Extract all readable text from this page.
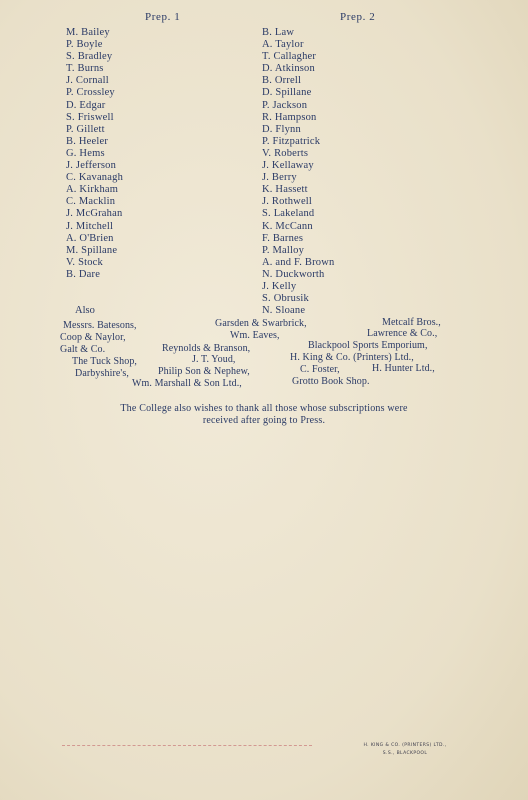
Prep. 1	Prep. 2
M. Bailey
P. Boyle
S. Bradley
T. Burns
J. Cornall
P. Crossley
D. Edgar
S. Friswell
P. Gillett
B. Heeler
G. Hems
J. Jefferson
C. Kavanagh
A. Kirkham
C. Macklin
J. McGrahan
J. Mitchell
A. O'Brien
M. Spillane
V. Stock
B. Dare
B. Law
A. Taylor
T. Callagher
D. Atkinson
B. Orrell
D. Spillane
P. Jackson
R. Hampson
D. Flynn
P. Fitzpatrick
V. Roberts
J. Kellaway
J. Berry
K. Hassett
J. Rothwell
S. Lakeland
K. McCann
F. Barnes
P. Malloy
A. and F. Brown
N. Duckworth
J. Kelly
S. Obrusik
N. Sloane
Also
Messrs. Batesons,	Garsden & Swarbrick,	Metcalf Bros.,
Coop & Naylor,	Wm. Eaves,	Lawrence & Co.,
Galt & Co.	Reynolds & Branson,	Blackpool Sports Emporium,
The Tuck Shop,	J. T. Youd,	H. King & Co. (Printers) Ltd.,
Darbyshire's,	Philip Son & Nephew,	C. Foster,	H. Hunter Ltd.,
Wm. Marshall & Son Ltd.,	Grotto Book Shop.
The College also wishes to thank all those whose subscriptions were
received after going to Press.
H. KING & CO. (PRINTERS) LTD.,
S.S., BLACKPOOL
